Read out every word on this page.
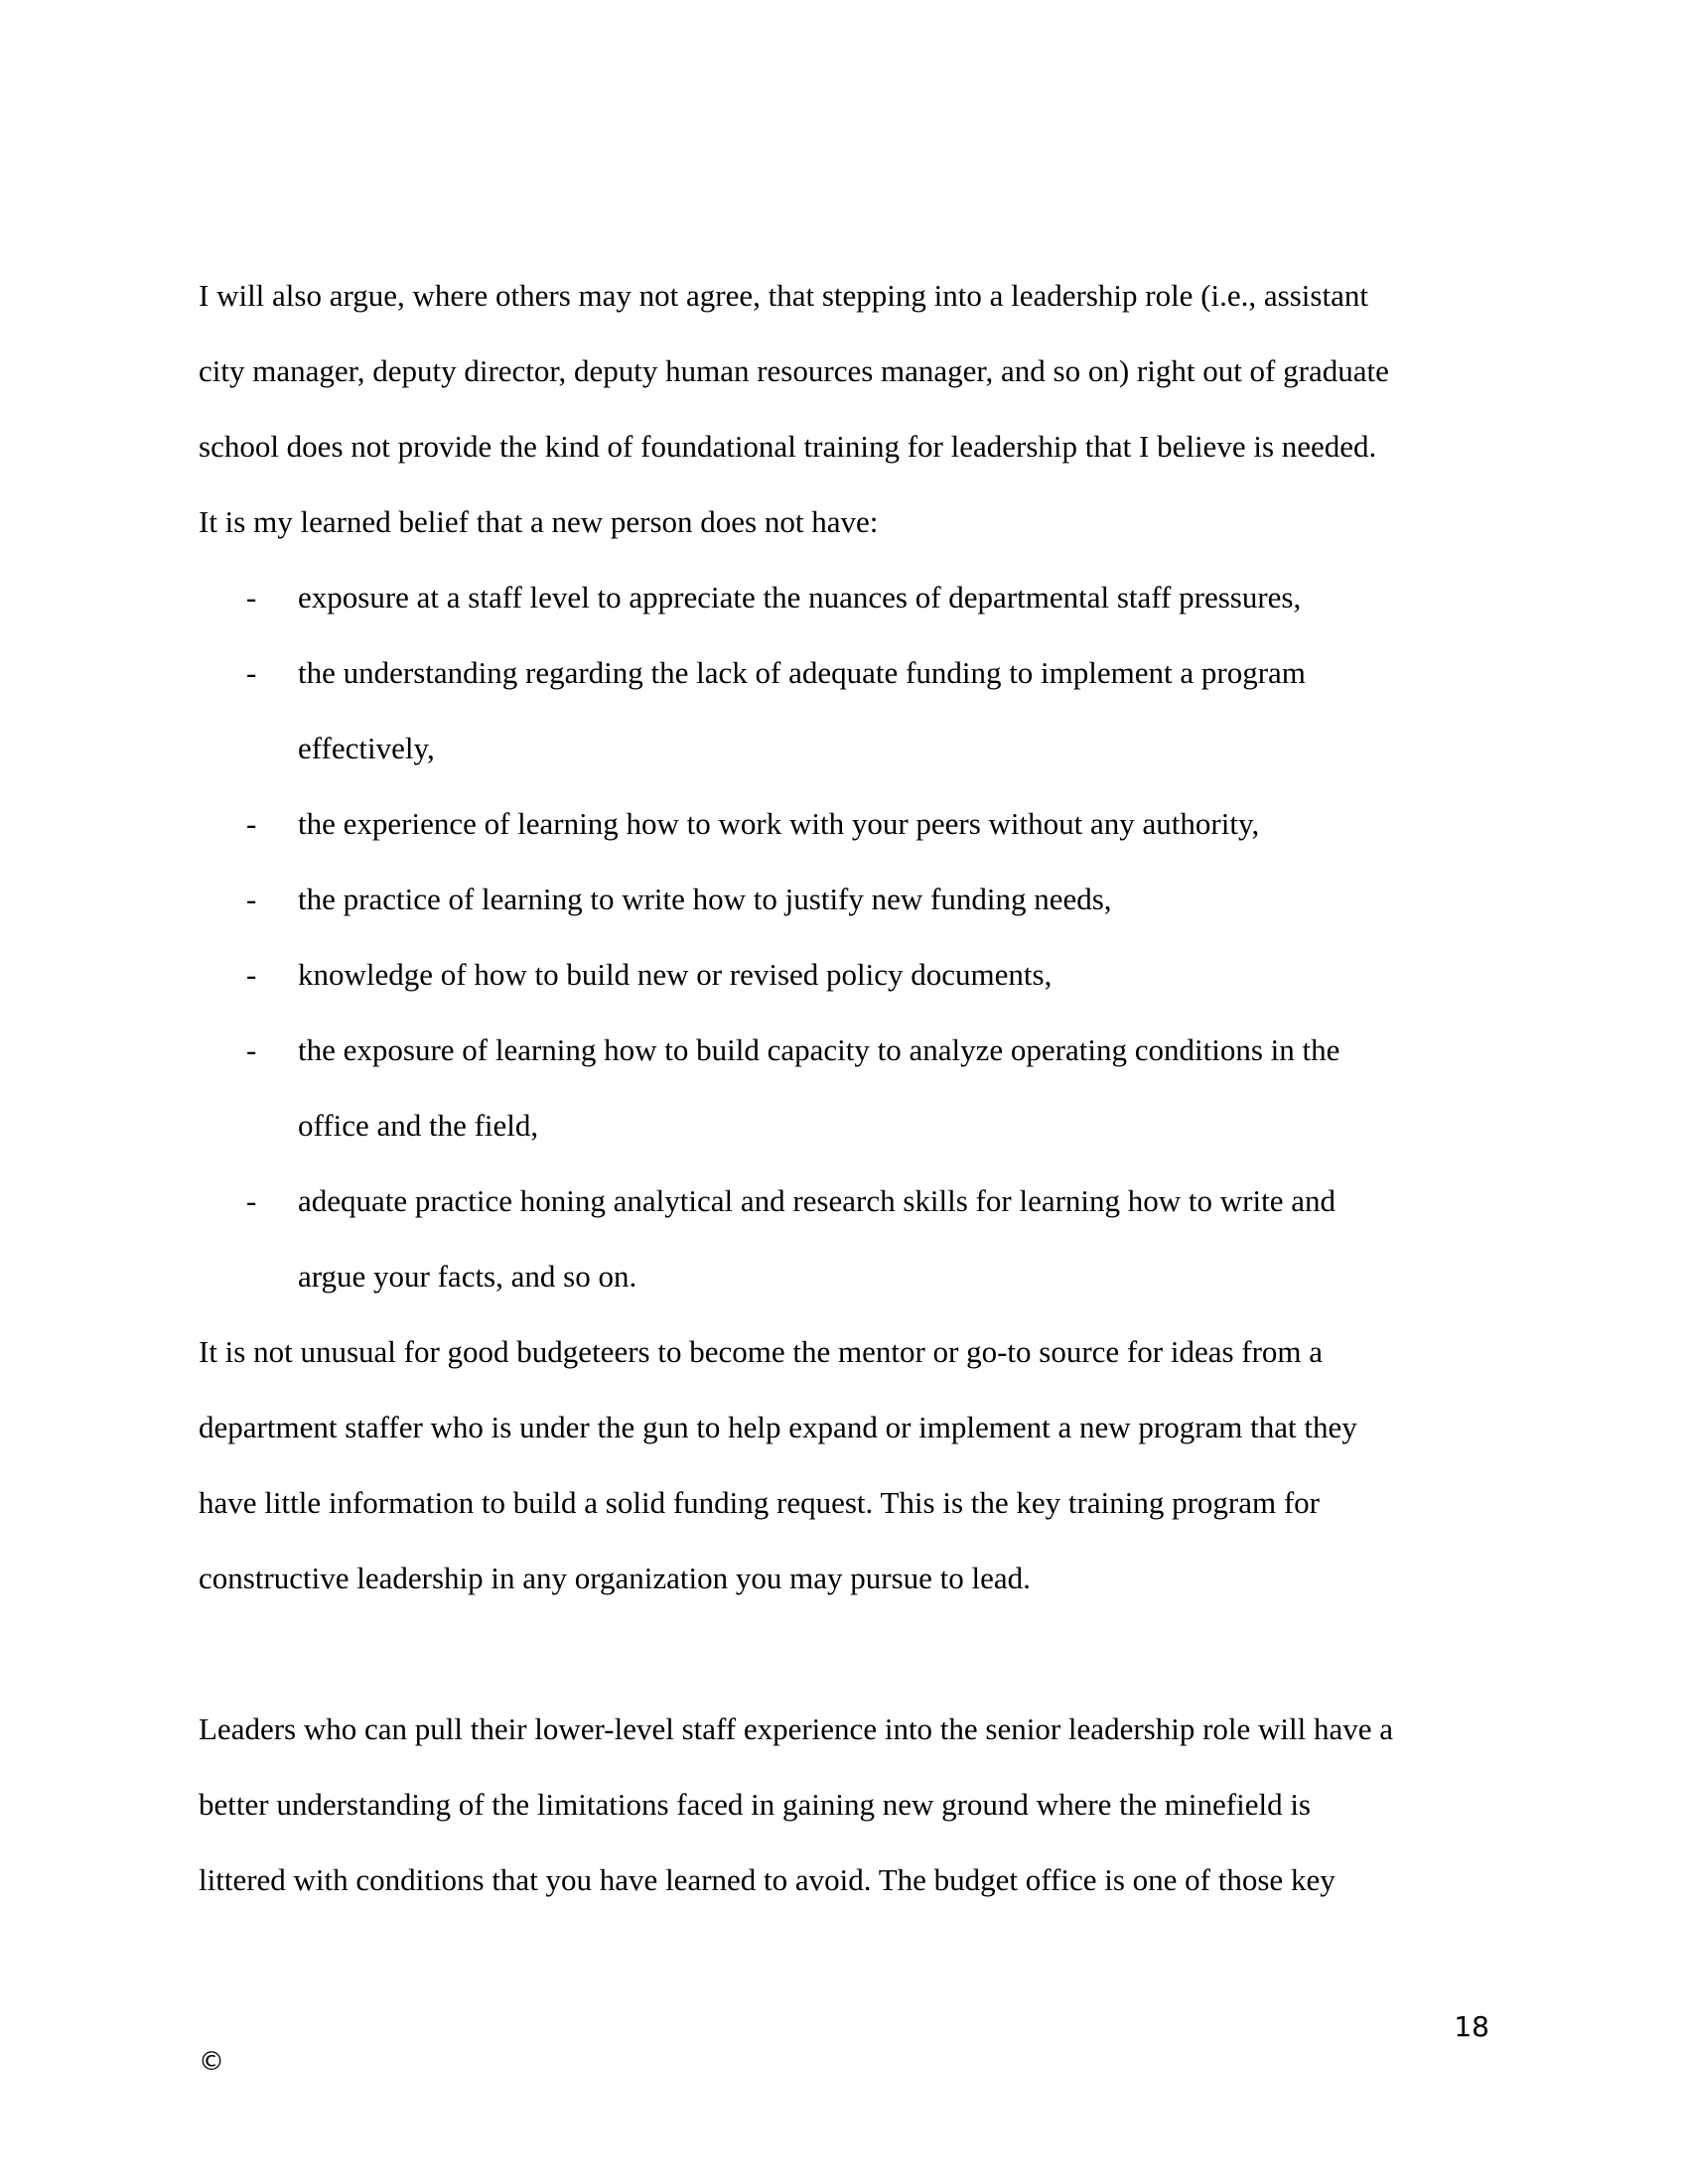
I will also argue, where others may not agree, that stepping into a leadership role (i.e., assistant

city manager, deputy director, deputy human resources manager, and so on) right out of graduate

school does not provide the kind of foundational training for leadership that I believe is needed.

It is my learned belief that a new person does not have:

- exposure at a staff level to appreciate the nuances of departmental staff pressures,
- the understanding regarding the lack of adequate funding to implement a program
effectively,
- the experience of learning how to work with your peers without any authority,
- the practice of learning to write how to justify new funding needs,
- knowledge of how to build new or revised policy documents,
- the exposure of learning how to build capacity to analyze operating conditions in the
office and the field,
- adequate practice honing analytical and research skills for learning how to write and
argue your facts, and so on.

It is not unusual for good budgeteers to become the mentor or go-to source for ideas from a

department staffer who is under the gun to help expand or implement a new program that they

have little information to build a solid funding request. This is the key training program for

constructive leadership in any organization you may pursue to lead.

Leaders who can pull their lower-level staff experience into the senior leadership role will have a

better understanding of the limitations faced in gaining new ground where the minefield is

littered with conditions that you have learned to avoid. The budget office is one of those key

18
©
